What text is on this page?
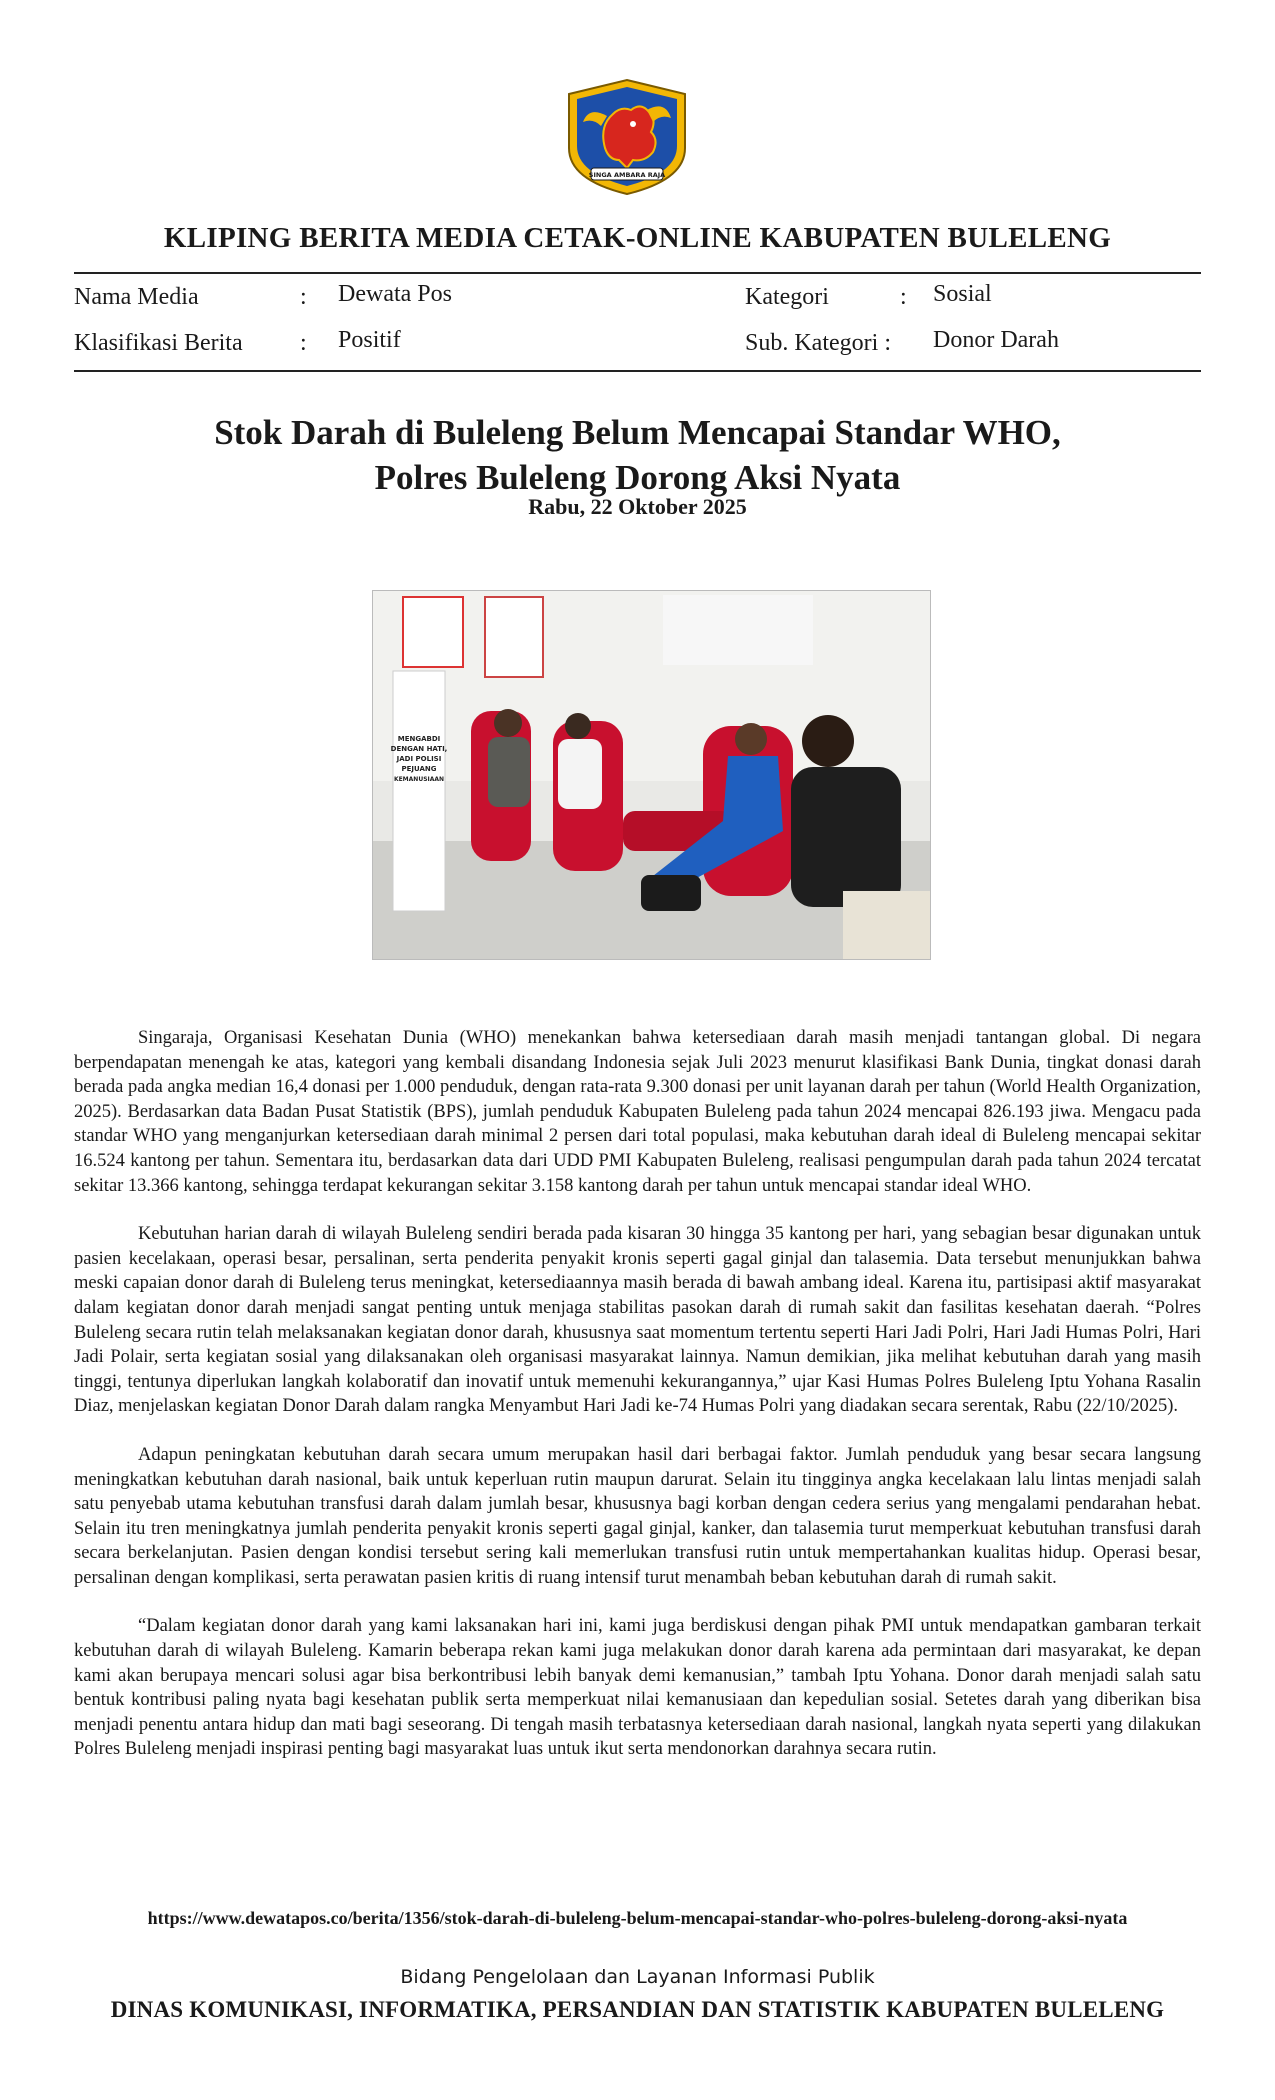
SINGA AMBARA RAJA
KLIPING BERITA MEDIA CETAK-ONLINE KABUPATEN BULELENG
Nama Media	: Dewata Pos
Klasifikasi Berita : Positif
Kategori	: Sosial
Sub. Kategori : Donor Darah
Stok Darah di Buleleng Belum Mencapai Standar WHO,
Polres Buleleng Dorong Aksi Nyata
Rabu, 22 Oktober 2025
MENGABDI
DENGAN HATI,
JADI POLISI
PEJUANG
KEMANUSIAAN

Singaraja, Organisasi Kesehatan Dunia (WHO) menekankan bahwa ketersediaan darah masih menjadi tantangan global. Di negara berpendapatan menengah ke atas, kategori yang kembali disandang Indonesia sejak Juli 2023 menurut klasifikasi Bank Dunia, tingkat donasi darah berada pada angka median 16,4 donasi per 1.000 penduduk, dengan rata-rata 9.300 donasi per unit layanan darah per tahun (World Health Organization, 2025). Berdasarkan data Badan Pusat Statistik (BPS), jumlah penduduk Kabupaten Buleleng pada tahun 2024 mencapai 826.193 jiwa. Mengacu pada standar WHO yang menganjurkan ketersediaan darah minimal 2 persen dari total populasi, maka kebutuhan darah ideal di Buleleng mencapai sekitar 16.524 kantong per tahun. Sementara itu, berdasarkan data dari UDD PMI Kabupaten Buleleng, realisasi pengumpulan darah pada tahun 2024 tercatat sekitar 13.366 kantong, sehingga terdapat kekurangan sekitar 3.158 kantong darah per tahun untuk mencapai standar ideal WHO.

Kebutuhan harian darah di wilayah Buleleng sendiri berada pada kisaran 30 hingga 35 kantong per hari, yang sebagian besar digunakan untuk pasien kecelakaan, operasi besar, persalinan, serta penderita penyakit kronis seperti gagal ginjal dan talasemia. Data tersebut menunjukkan bahwa meski capaian donor darah di Buleleng terus meningkat, ketersediaannya masih berada di bawah ambang ideal. Karena itu, partisipasi aktif masyarakat dalam kegiatan donor darah menjadi sangat penting untuk menjaga stabilitas pasokan darah di rumah sakit dan fasilitas kesehatan daerah. “Polres Buleleng secara rutin telah melaksanakan kegiatan donor darah, khususnya saat momentum tertentu seperti Hari Jadi Polri, Hari Jadi Humas Polri, Hari Jadi Polair, serta kegiatan sosial yang dilaksanakan oleh organisasi masyarakat lainnya. Namun demikian, jika melihat kebutuhan darah yang masih tinggi, tentunya diperlukan langkah kolaboratif dan inovatif untuk memenuhi kekurangannya,” ujar Kasi Humas Polres Buleleng Iptu Yohana Rasalin Diaz, menjelaskan kegiatan Donor Darah dalam rangka Menyambut Hari Jadi ke-74 Humas Polri yang diadakan secara serentak, Rabu (22/10/2025).

Adapun peningkatan kebutuhan darah secara umum merupakan hasil dari berbagai faktor. Jumlah penduduk yang besar secara langsung meningkatkan kebutuhan darah nasional, baik untuk keperluan rutin maupun darurat. Selain itu tingginya angka kecelakaan lalu lintas menjadi salah satu penyebab utama kebutuhan transfusi darah dalam jumlah besar, khususnya bagi korban dengan cedera serius yang mengalami pendarahan hebat. Selain itu tren meningkatnya jumlah penderita penyakit kronis seperti gagal ginjal, kanker, dan talasemia turut memperkuat kebutuhan transfusi darah secara berkelanjutan. Pasien dengan kondisi tersebut sering kali memerlukan transfusi rutin untuk mempertahankan kualitas hidup. Operasi besar, persalinan dengan komplikasi, serta perawatan pasien kritis di ruang intensif turut menambah beban kebutuhan darah di rumah sakit.

“Dalam kegiatan donor darah yang kami laksanakan hari ini, kami juga berdiskusi dengan pihak PMI untuk mendapatkan gambaran terkait kebutuhan darah di wilayah Buleleng. Kamarin beberapa rekan kami juga melakukan donor darah karena ada permintaan dari masyarakat, ke depan kami akan berupaya mencari solusi agar bisa berkontribusi lebih banyak demi kemanusian,” tambah Iptu Yohana. Donor darah menjadi salah satu bentuk kontribusi paling nyata bagi kesehatan publik serta memperkuat nilai kemanusiaan dan kepedulian sosial. Setetes darah yang diberikan bisa menjadi penentu antara hidup dan mati bagi seseorang. Di tengah masih terbatasnya ketersediaan darah nasional, langkah nyata seperti yang dilakukan Polres Buleleng menjadi inspirasi penting bagi masyarakat luas untuk ikut serta mendonorkan darahnya secara rutin.

https://www.dewatapos.co/berita/1356/stok-darah-di-buleleng-belum-mencapai-standar-who-polres-buleleng-dorong-aksi-nyata
Bidang Pengelolaan dan Layanan Informasi Publik
DINAS KOMUNIKASI, INFORMATIKA, PERSANDIAN DAN STATISTIK KABUPATEN BULELENG
